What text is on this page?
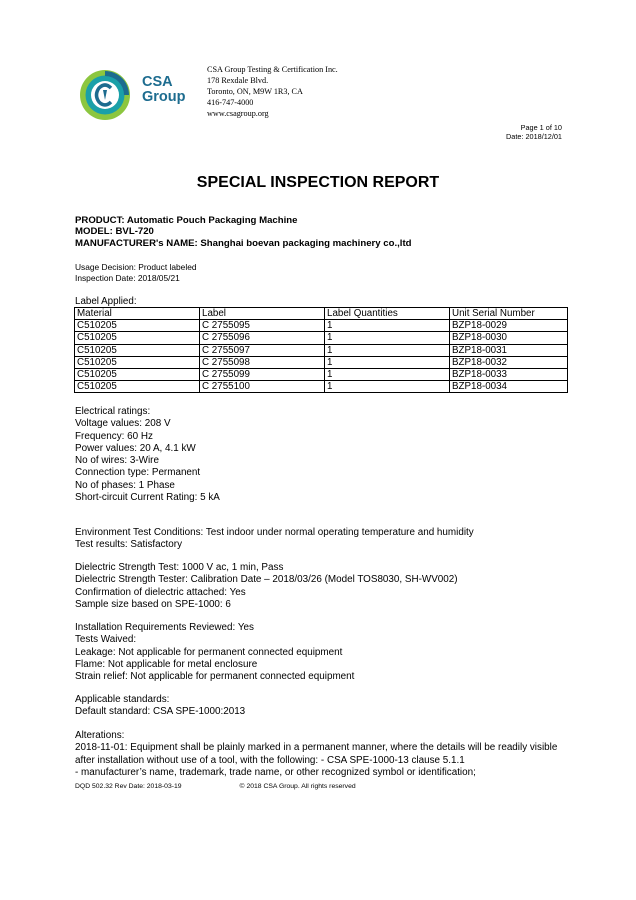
CSA
Group
CSA Group Testing & Certification Inc.
178 Rexdale Blvd.
Toronto, ON, M9W 1R3, CA
416-747-4000
www.csagroup.org
Page 1 of 10
Date: 2018/12/01
SPECIAL INSPECTION REPORT
PRODUCT: Automatic Pouch Packaging Machine
MODEL: BVL-720
MANUFACTURER's NAME: Shanghai boevan packaging machinery co.,ltd
Usage Decision: Product labeled
Inspection Date: 2018/05/21
Label Applied:
Material	Label	Label Quantities	Unit Serial Number
C510205	C 2755095	1	BZP18-0029
C510205	C 2755096	1	BZP18-0030
C510205	C 2755097	1	BZP18-0031
C510205	C 2755098	1	BZP18-0032
C510205	C 2755099	1	BZP18-0033
C510205	C 2755100	1	BZP18-0034
Electrical ratings:
Voltage values: 208 V
Frequency: 60 Hz
Power values: 20 A, 4.1 kW
No of wires: 3-Wire
Connection type: Permanent
No of phases: 1 Phase
Short-circuit Current Rating: 5 kA
Environment Test Conditions: Test indoor under normal operating temperature and humidity
Test results: Satisfactory
Dielectric Strength Test: 1000 V ac, 1 min, Pass
Dielectric Strength Tester: Calibration Date – 2018/03/26 (Model TOS8030, SH-WV002)
Confirmation of dielectric attached: Yes
Sample size based on SPE-1000: 6
Installation Requirements Reviewed: Yes
Tests Waived:
Leakage: Not applicable for permanent connected equipment
Flame: Not applicable for metal enclosure
Strain relief: Not applicable for permanent connected equipment
Applicable standards:
Default standard: CSA SPE-1000:2013
Alterations:
2018-11-01: Equipment shall be plainly marked in a permanent manner, where the details will be readily visible after installation without use of a tool, with the following: - CSA SPE-1000-13 clause 5.1.1
- manufacturer’s name, trademark, trade name, or other recognized symbol or identification;
DQD 502.32 Rev Date: 2018-03-19	© 2018 CSA Group. All rights reserved
